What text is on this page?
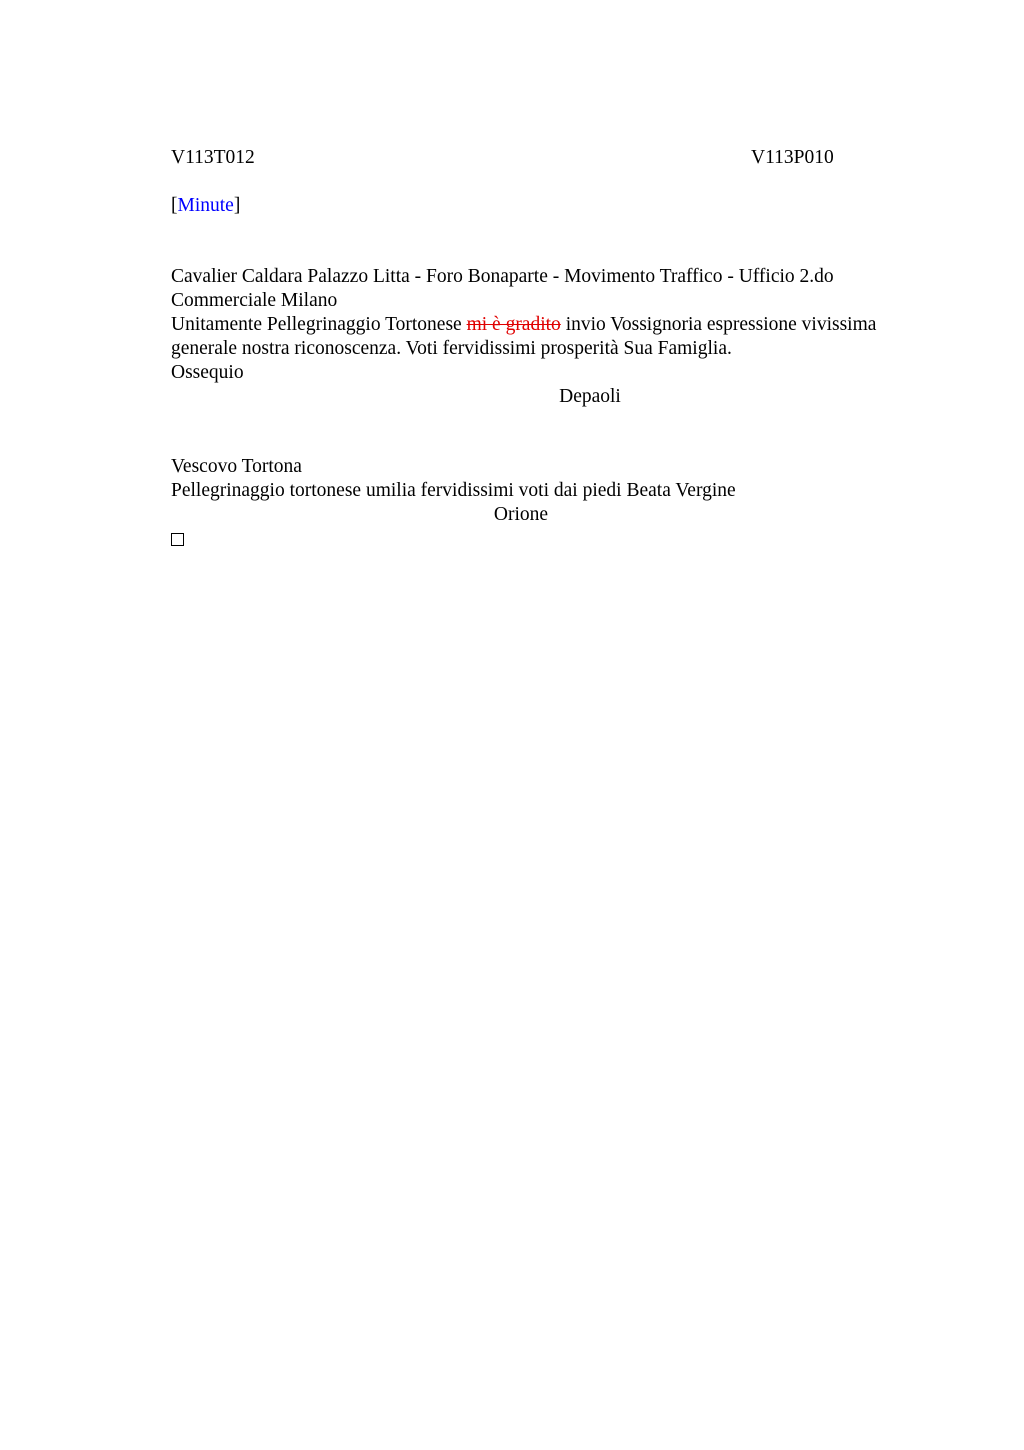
V113T012	V113P010
[Minute]
Cavalier Caldara Palazzo Litta - Foro Bonaparte - Movimento Traffico - Ufficio 2.do
Commerciale Milano
Unitamente Pellegrinaggio Tortonese mi è gradito invio Vossignoria espressione vivissima
generale nostra riconoscenza. Voti fervidissimi prosperità Sua Famiglia.
Ossequio
Depaoli
Vescovo Tortona
Pellegrinaggio tortonese umilia fervidissimi voti dai piedi Beata Vergine
Orione
